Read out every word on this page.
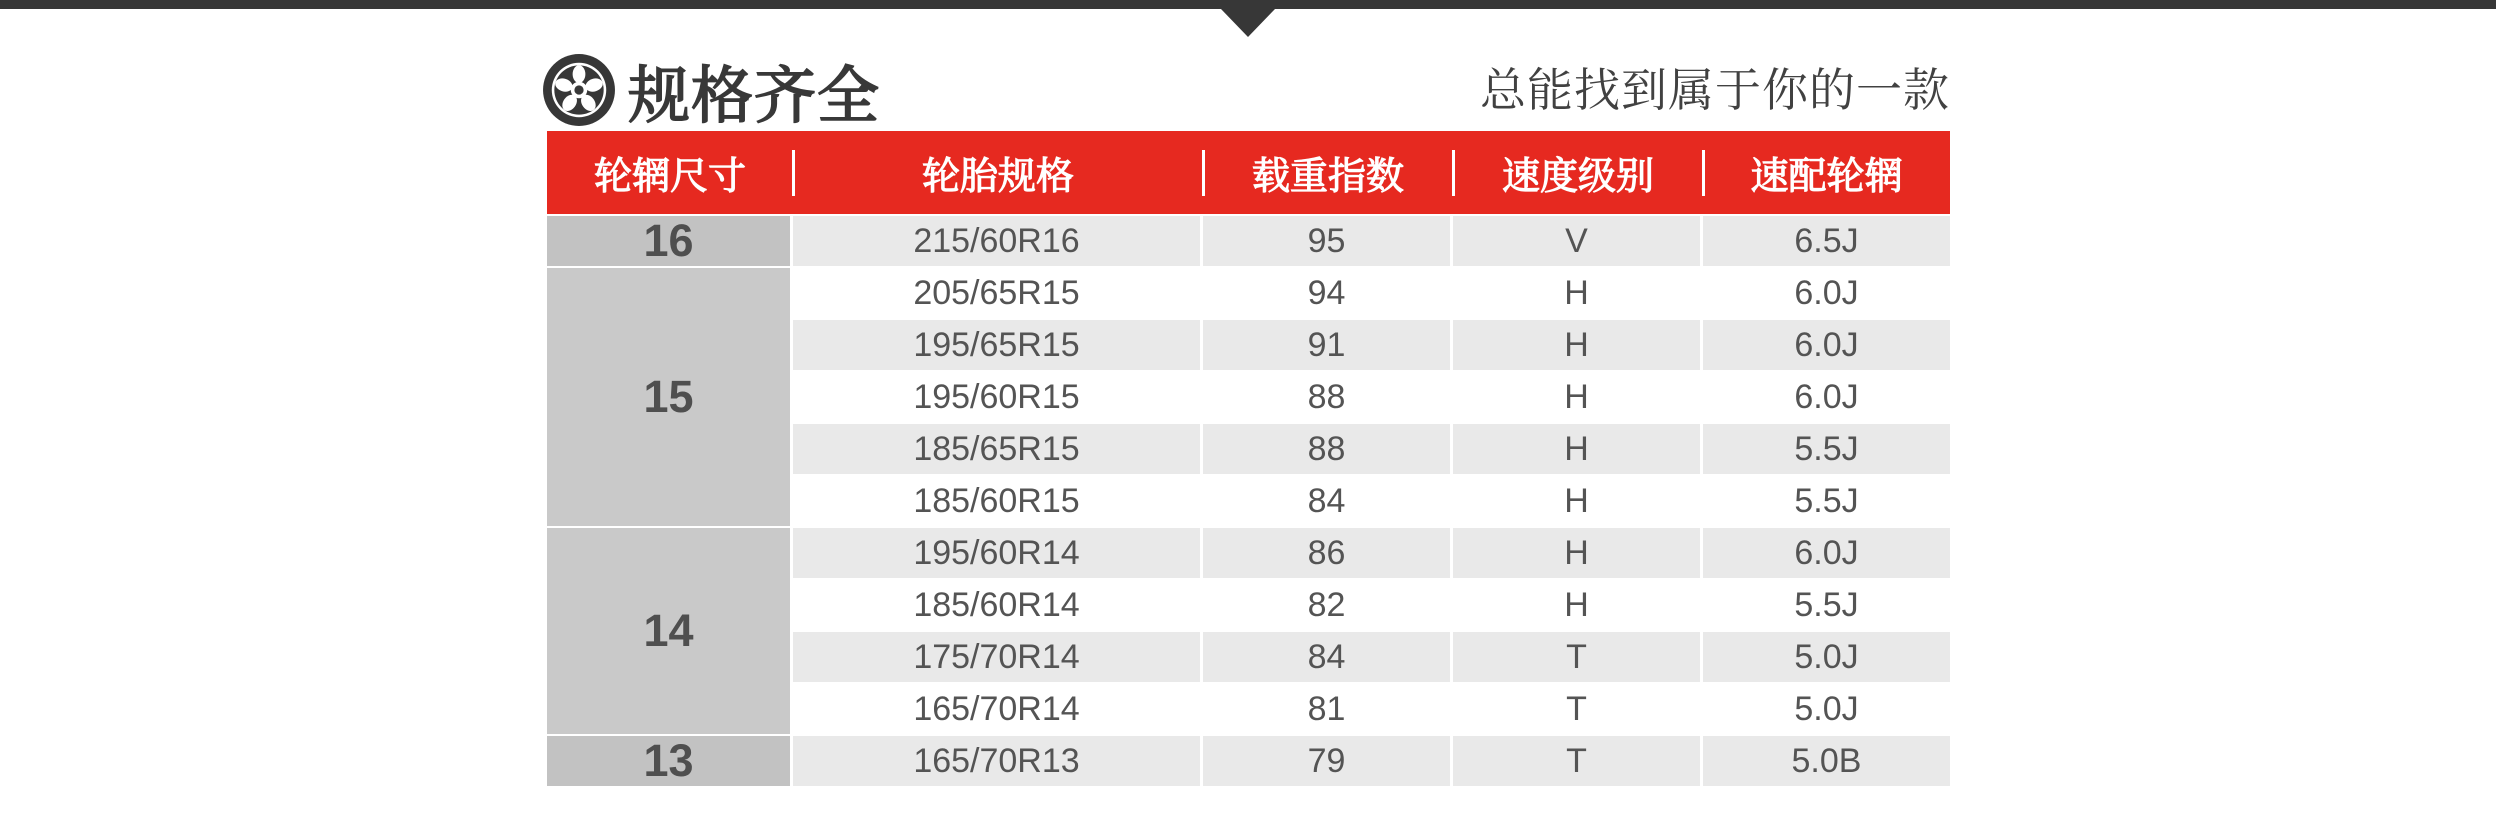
规格齐全	总能找到属于你的一款
轮辋尺寸	轮胎规格	载重指数	速度级别	速配轮辋
16	215/60R16	95	V	6.5J
15
205/65R15	94	H	6.0J
195/65R15	91	H	6.0J
195/60R15	88	H	6.0J
185/65R15	88	H	5.5J
185/60R15	84	H	5.5J
14
195/60R14	86	H	6.0J
185/60R14	82	H	5.5J
175/70R14	84	T	5.0J
165/70R14	81	T	5.0J
13	165/70R13	79	T	5.0B
